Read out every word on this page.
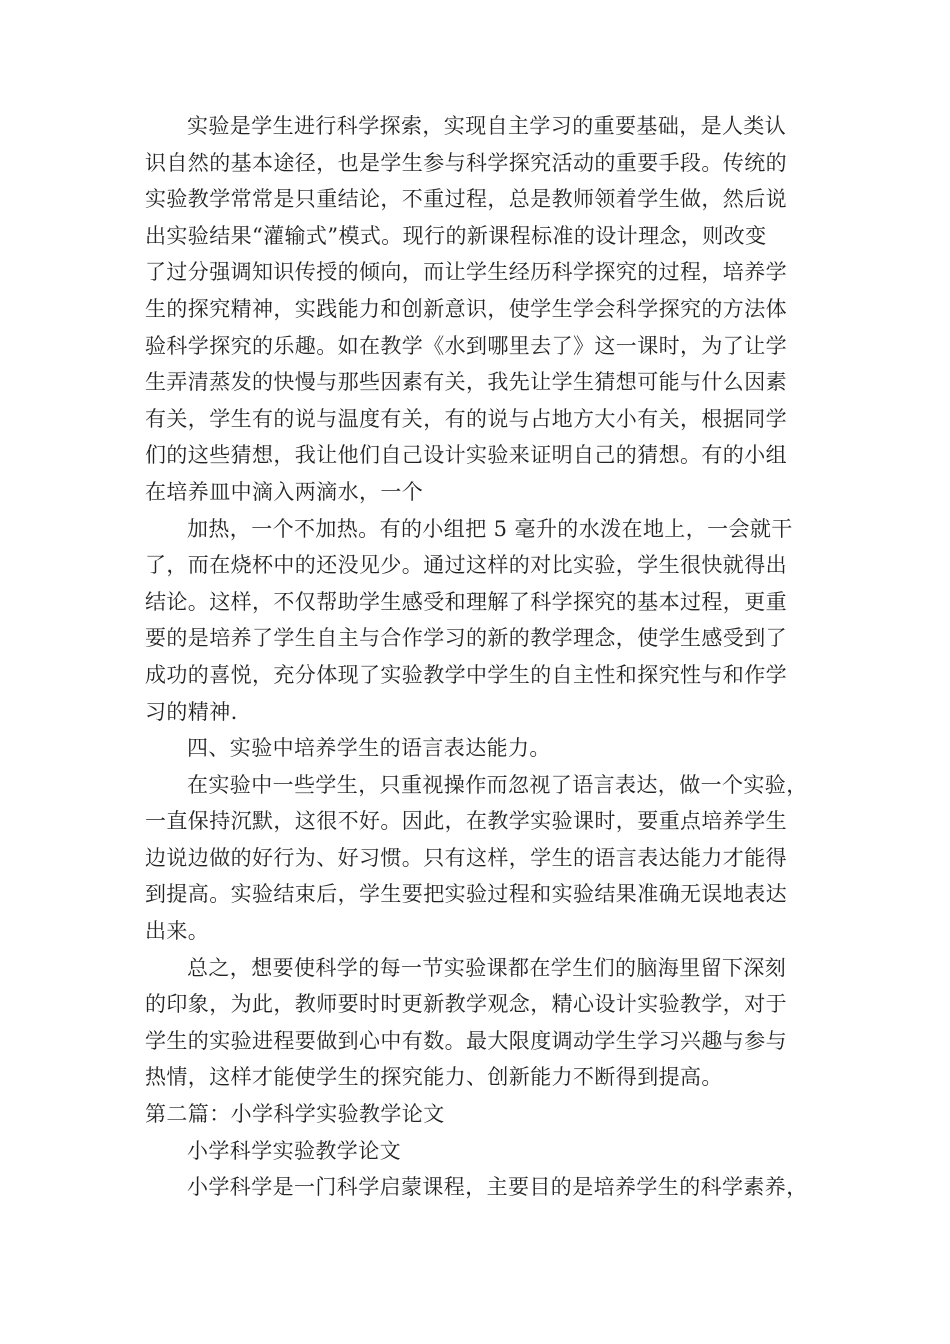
实验是学生进行科学探索，实现自主学习的重要基础，是人类认
识自然的基本途径，也是学生参与科学探究活动的重要手段。传统的
实验教学常常是只重结论，不重过程，总是教师领着学生做，然后说
出实验结果“灌输式”模式。现行的新课程标准的设计理念，则改变
了过分强调知识传授的倾向，而让学生经历科学探究的过程，培养学
生的探究精神，实践能力和创新意识，使学生学会科学探究的方法体
验科学探究的乐趣。如在教学《水到哪里去了》这一课时，为了让学
生弄清蒸发的快慢与那些因素有关，我先让学生猜想可能与什么因素
有关，学生有的说与温度有关，有的说与占地方大小有关，根据同学
们的这些猜想，我让他们自己设计实验来证明自己的猜想。有的小组
在培养皿中滴入两滴水，一个

加热，一个不加热。有的小组把 5 毫升的水泼在地上，一会就干
了，而在烧杯中的还没见少。通过这样的对比实验，学生很快就得出
结论。这样，不仅帮助学生感受和理解了科学探究的基本过程，更重
要的是培养了学生自主与合作学习的新的教学理念，使学生感受到了
成功的喜悦，充分体现了实验教学中学生的自主性和探究性与和作学
习的精神.

四、实验中培养学生的语言表达能力。

在实验中一些学生，只重视操作而忽视了语言表达，做一个实验，
一直保持沉默，这很不好。因此，在教学实验课时，要重点培养学生
边说边做的好行为、好习惯。只有这样，学生的语言表达能力才能得
到提高。实验结束后，学生要把实验过程和实验结果准确无误地表达
出来。

总之，想要使科学的每一节实验课都在学生们的脑海里留下深刻
的印象，为此，教师要时时更新教学观念，精心设计实验教学，对于
学生的实验进程要做到心中有数。最大限度调动学生学习兴趣与参与
热情，这样才能使学生的探究能力、创新能力不断得到提高。

第二篇：小学科学实验教学论文

小学科学实验教学论文

小学科学是一门科学启蒙课程，主要目的是培养学生的科学素养，
